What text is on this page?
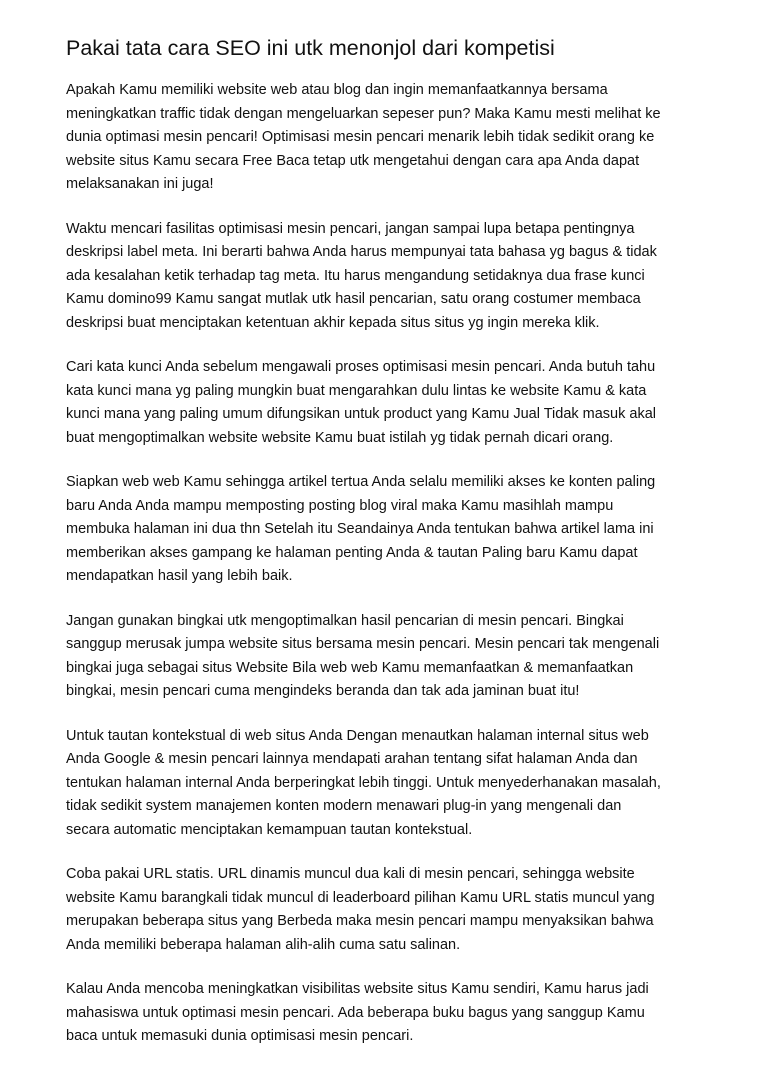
Pakai tata cara SEO ini utk menonjol dari kompetisi

Apakah Kamu memiliki website web atau blog dan ingin memanfaatkannya bersama
meningkatkan traffic tidak dengan mengeluarkan sepeser pun? Maka Kamu mesti melihat ke
dunia optimasi mesin pencari! Optimisasi mesin pencari menarik lebih tidak sedikit orang ke
website situs Kamu secara Free Baca tetap utk mengetahui dengan cara apa Anda dapat
melaksanakan ini juga!

Waktu mencari fasilitas optimisasi mesin pencari, jangan sampai lupa betapa pentingnya
deskripsi label meta. Ini berarti bahwa Anda harus mempunyai tata bahasa yg bagus & tidak
ada kesalahan ketik terhadap tag meta. Itu harus mengandung setidaknya dua frase kunci
Kamu domino99 Kamu sangat mutlak utk hasil pencarian, satu orang costumer membaca
deskripsi buat menciptakan ketentuan akhir kepada situs situs yg ingin mereka klik.

Cari kata kunci Anda sebelum mengawali proses optimisasi mesin pencari. Anda butuh tahu
kata kunci mana yg paling mungkin buat mengarahkan dulu lintas ke website Kamu & kata
kunci mana yang paling umum difungsikan untuk product yang Kamu Jual Tidak masuk akal
buat mengoptimalkan website website Kamu buat istilah yg tidak pernah dicari orang.

Siapkan web web Kamu sehingga artikel tertua Anda selalu memiliki akses ke konten paling
baru Anda Anda mampu memposting posting blog viral maka Kamu masihlah mampu
membuka halaman ini dua thn Setelah itu Seandainya Anda tentukan bahwa artikel lama ini
memberikan akses gampang ke halaman penting Anda & tautan Paling baru Kamu dapat
mendapatkan hasil yang lebih baik.

Jangan gunakan bingkai utk mengoptimalkan hasil pencarian di mesin pencari. Bingkai
sanggup merusak jumpa website situs bersama mesin pencari. Mesin pencari tak mengenali
bingkai juga sebagai situs Website Bila web web Kamu memanfaatkan & memanfaatkan
bingkai, mesin pencari cuma mengindeks beranda dan tak ada jaminan buat itu!

Untuk tautan kontekstual di web situs Anda Dengan menautkan halaman internal situs web
Anda Google & mesin pencari lainnya mendapati arahan tentang sifat halaman Anda dan
tentukan halaman internal Anda berperingkat lebih tinggi. Untuk menyederhanakan masalah,
tidak sedikit system manajemen konten modern menawari plug-in yang mengenali dan
secara automatic menciptakan kemampuan tautan kontekstual.

Coba pakai URL statis. URL dinamis muncul dua kali di mesin pencari, sehingga website
website Kamu barangkali tidak muncul di leaderboard pilihan Kamu URL statis muncul yang
merupakan beberapa situs yang Berbeda maka mesin pencari mampu menyaksikan bahwa
Anda memiliki beberapa halaman alih-alih cuma satu salinan.

Kalau Anda mencoba meningkatkan visibilitas website situs Kamu sendiri, Kamu harus jadi
mahasiswa untuk optimasi mesin pencari. Ada beberapa buku bagus yang sanggup Kamu
baca untuk memasuki dunia optimisasi mesin pencari.
